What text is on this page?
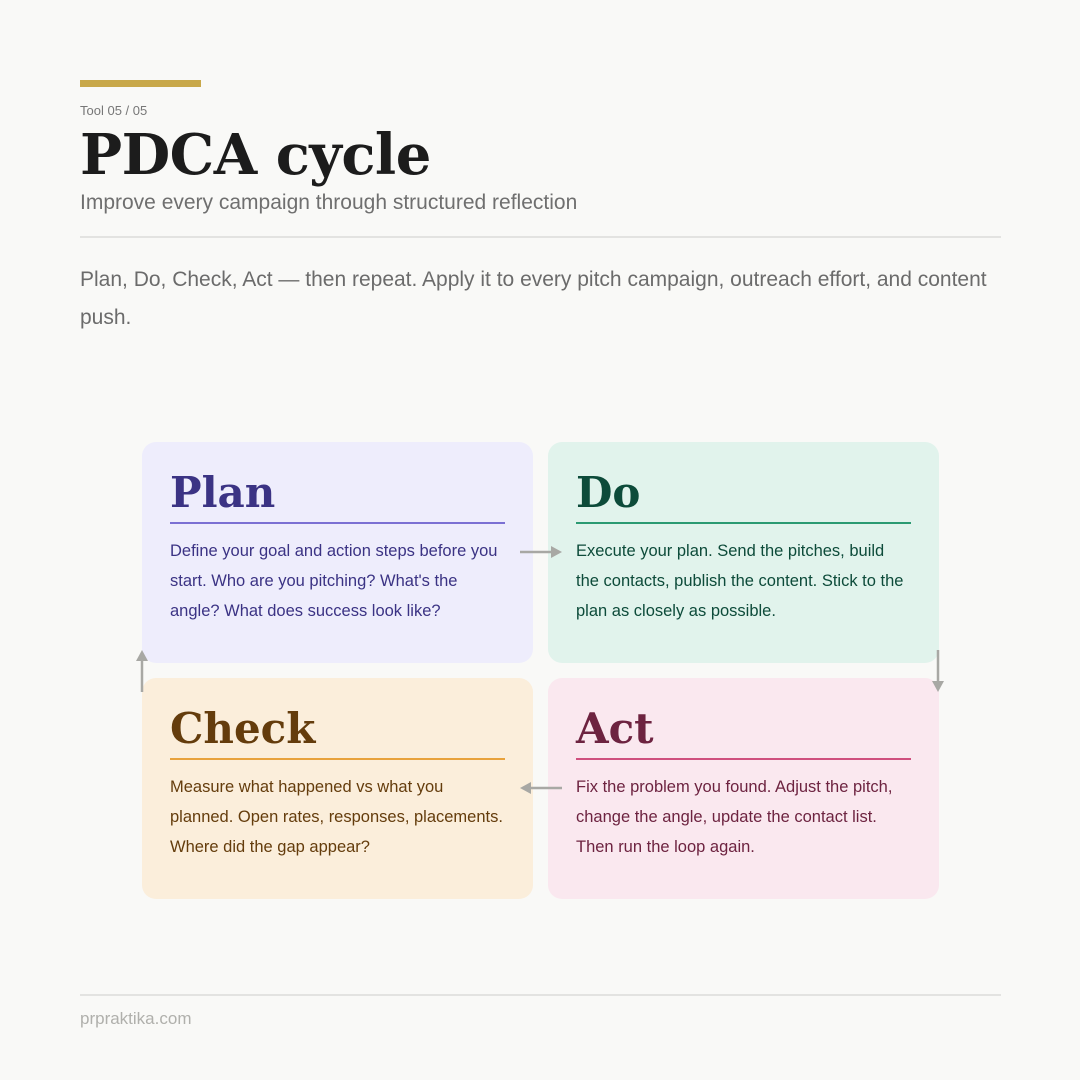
Tool 05 / 05
PDCA cycle
Improve every campaign through structured reflection

Plan, Do, Check, Act — then repeat. Apply it to every pitch campaign, outreach effort, and content push.

Plan

Define your goal and action steps before you start. Who are you pitching? What's the angle? What does success look like?

Do

Execute your plan. Send the pitches, build the contacts, publish the content. Stick to the plan as closely as possible.

Check

Measure what happened vs what you planned. Open rates, responses, placements. Where did the gap appear?

Act

Fix the problem you found. Adjust the pitch, change the angle, update the contact list. Then run the loop again.

prpraktika.com
